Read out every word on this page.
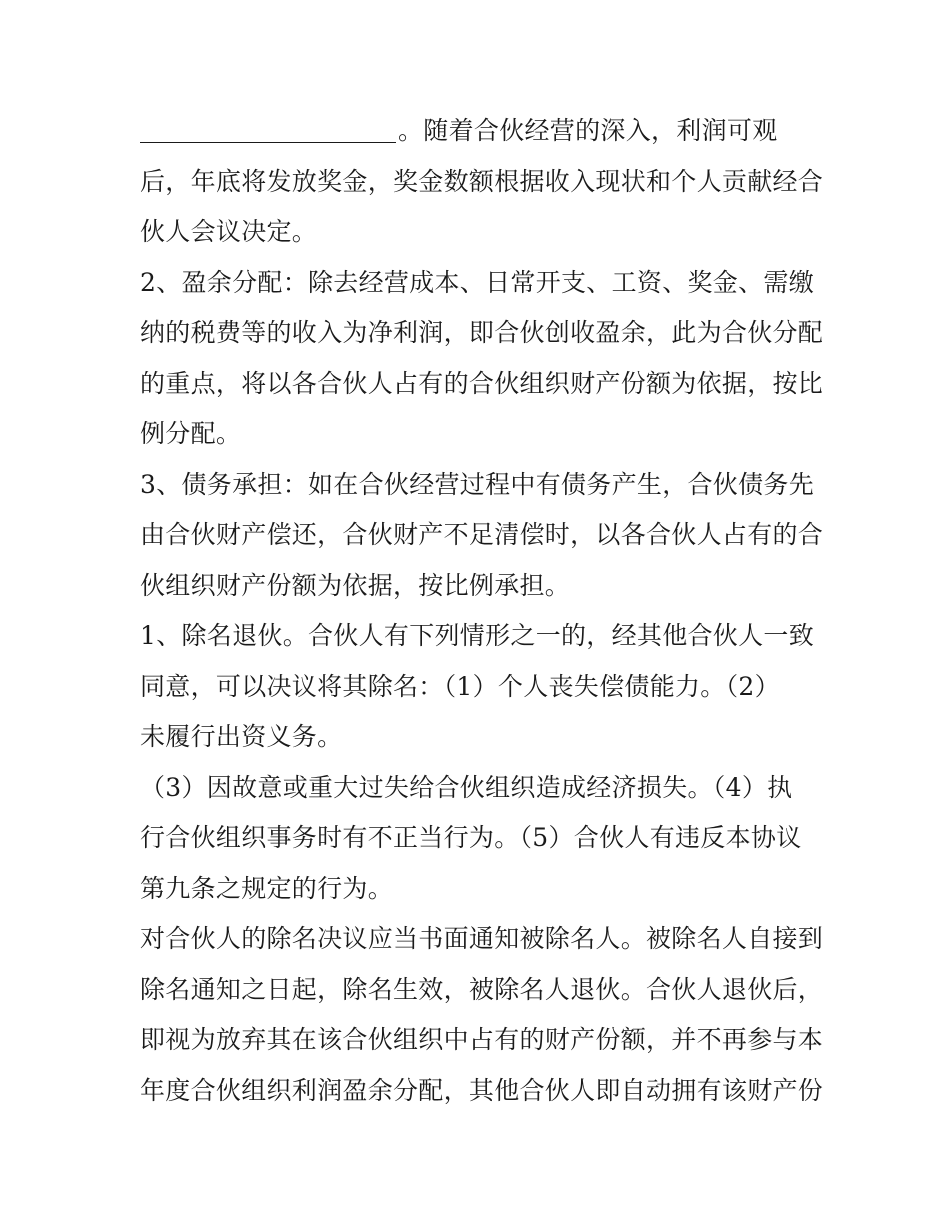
。随着合伙经营的深入，利润可观
后，年底将发放奖金，奖金数额根据收入现状和个人贡献经合
伙人会议决定。
2、盈余分配：除去经营成本、日常开支、工资、奖金、需缴
纳的税费等的收入为净利润，即合伙创收盈余，此为合伙分配
的重点，将以各合伙人占有的合伙组织财产份额为依据，按比
例分配。
3、债务承担：如在合伙经营过程中有债务产生，合伙债务先
由合伙财产偿还，合伙财产不足清偿时，以各合伙人占有的合
伙组织财产份额为依据，按比例承担。
1、除名退伙。合伙人有下列情形之一的，经其他合伙人一致
同意，可以决议将其除名：（1）个人丧失偿债能力。（2）
未履行出资义务。
（3）因故意或重大过失给合伙组织造成经济损失。（4）执
行合伙组织事务时有不正当行为。（5）合伙人有违反本协议
第九条之规定的行为。
对合伙人的除名决议应当书面通知被除名人。被除名人自接到
除名通知之日起，除名生效，被除名人退伙。合伙人退伙后，
即视为放弃其在该合伙组织中占有的财产份额，并不再参与本
年度合伙组织利润盈余分配，其他合伙人即自动拥有该财产份
